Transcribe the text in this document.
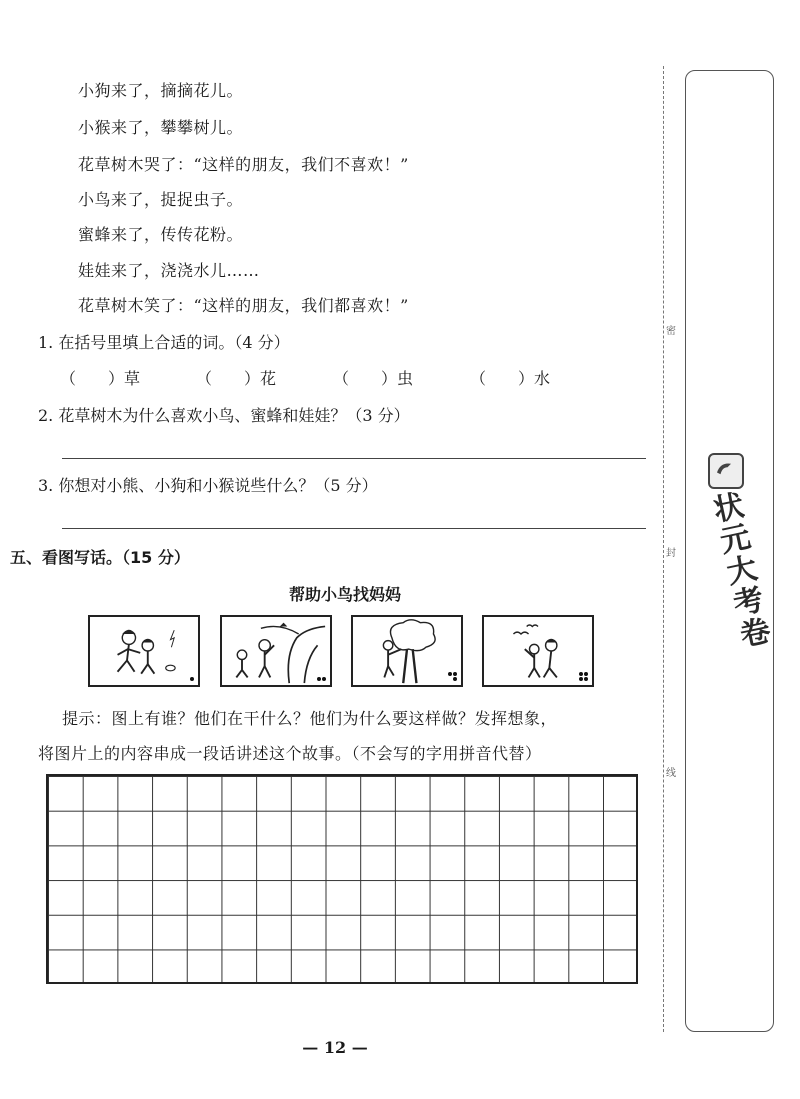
小狗来了，摘摘花儿。
小猴来了，攀攀树儿。
花草树木哭了：“这样的朋友，我们不喜欢！”
小鸟来了，捉捉虫子。
蜜蜂来了，传传花粉。
娃娃来了，浇浇水儿……
花草树木笑了：“这样的朋友，我们都喜欢！”
1. 在括号里填上合适的词。（4 分）
（　　）草	（　　）花	（　　）虫	（　　）水
2. 花草树木为什么喜欢小鸟、蜜蜂和娃娃？（3 分）
3. 你想对小熊、小狗和小猴说些什么？（5 分）
五、看图写话。（15 分）
帮助小鸟找妈妈
提示：图上有谁？他们在干什么？他们为什么要这样做？发挥想象，
将图片上的内容串成一段话讲述这个故事。（不会写的字用拼音代替）
密
封
线
状元大考卷
— 12 —
